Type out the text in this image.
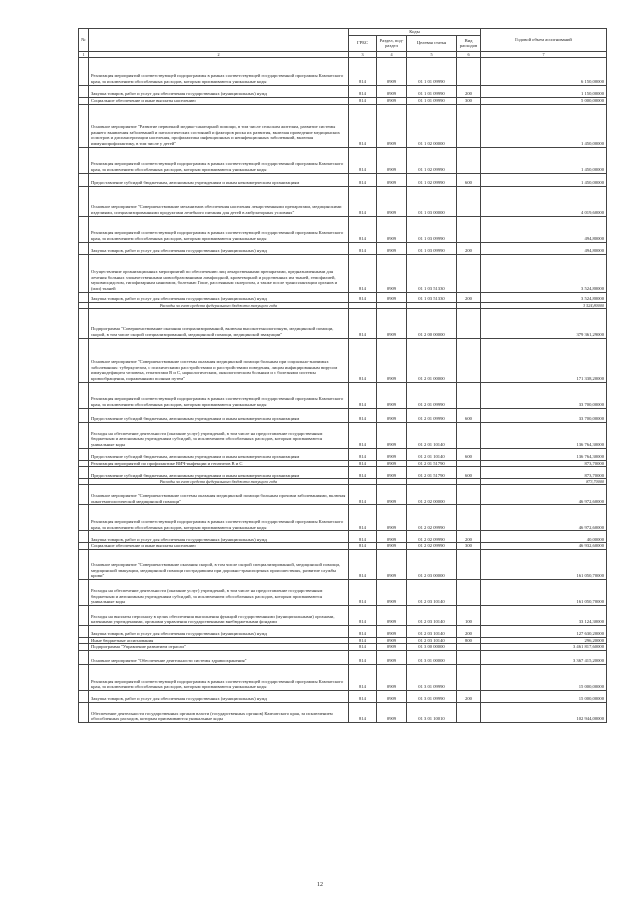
№		Коды				Годовой объем ассигнований
		ГРБС	Раздел, под-раздел	Целевая статья	Вид расходов	
1	2	3	4	5	6	7
	Реализация мероприятий соответствующей подпрограммы в рамках соответствующей государственной программы Камчатского края, за исключением обособленных расходов, которым присваиваются уникальные коды	814	0909	01 1 01 09990		6 150,00000
	Закупка товаров, работ и услуг для обеспечения государственных (муниципальных) нужд	814	0909	01 1 01 09990	200	1 150,00000
	Социальное обеспечение и иные выплаты населению	814	0909	01 1 01 09990	300	5 000,00000
	Основное мероприятие "Развитие первичной медико-санитарной помощи, в том числе сельским жителям, развитие системы раннего выявления заболеваний и патологических состояний и факторов риска их развития, включая проведение медицинских осмотров и диспансеризации населения, профилактика инфекционных и неинфекционных заболеваний, включая иммунопрофилактику, в том числе у детей"	814	0909	01 1 02 00000		1 450,00000
	Реализация мероприятий соответствующей подпрограммы в рамках соответствующей государственной программы Камчатского края, за исключением обособленных расходов, которым присваиваются уникальные коды	814	0909	01 1 02 09990		1 450,00000
	Предоставление субсидий бюджетным, автономным учреждениям и иным некоммерческим организациям	814	0909	01 1 02 09990	600	1 450,00000
	Основное мероприятие "Совершенствование механизмов обеспечения населения лекарственными препаратами, медицинскими изделиями, специализированными продуктами лечебного питания для детей в амбулаторных условиях"	814	0909	01 1 03 00000		4 019,60000
	Реализация мероприятий соответствующей подпрограммы в рамках соответствующей государственной программы Камчатского края, за исключением обособленных расходов, которым присваиваются уникальные коды	814	0909	01 1 03 09990		494,80000
	Закупка товаров, работ и услуг для обеспечения государственных (муниципальных) нужд	814	0909	01 1 03 09990	200	494,80000
	Осуществление организационных мероприятий по обеспечению лиц лекарственными препаратами, предназначенными для лечения больных злокачественными новообразованиями лимфоидной, кроветворной и родственных им тканей, гемофилией, муковисцидозом, гипофизарным нанизмом, болезнью Гоше, рассеянным склерозом, а также после трансплантации органов и (или) тканей	814	0909	01 1 03 51330		3 524,80000
	Закупка товаров, работ и услуг для обеспечения государственных (муниципальных) нужд	814	0909	01 1 03 51330	200	3 524,80000
	Расходы за счет средств федерального бюджета текущего года					3 524,80000
	Подпрограмма "Совершенствование оказания специализированной, включая высокотехнологичную, медицинской помощи, скорой, в том числе скорой специализированной, медицинской помощи, медицинской эвакуации"	814	0909	01 2 00 00000		379 361,29000
	Основное мероприятие "Совершенствование системы оказания медицинской помощи больным при социально-значимых заболеваниях: туберкулезом, с психическими расстройствами и расстройствами поведения, лицам инфицированным вирусом иммунодефицита человека, гепатитами В и С, наркологическим, онкологическим больным и с болезнями системы кровообращения, пораженными полным путем"	814	0909	01 2 01 00000		171 338,20000
	Реализация мероприятий соответствующей подпрограммы в рамках соответствующей государственной программы Камчатского края, за исключением обособленных расходов, которым присваиваются уникальные коды	814	0909	01 2 01 09990		33 700,00000
	Предоставление субсидий бюджетным, автономным учреждениям и иным некоммерческим организациям	814	0909	01 2 01 09990	600	33 700,00000
	Расходы на обеспечение деятельности (оказание услуг) учреждений, в том числе на предоставление государственным бюджетным и автономным учреждениям субсидий, за исключением обособленных расходов, которым присваиваются уникальные коды	814	0909	01 2 01 10140		136 764,30000
	Предоставление субсидий бюджетным, автономным учреждениям и иным некоммерческим организациям	814	0909	01 2 01 10140	600	136 764,30000
	Реализация мероприятий по профилактике ВИЧ-инфекции и гепатитов В и С	814	0909	01 2 01 51790		873,70000
	Предоставление субсидий бюджетным, автономным учреждениям и иным некоммерческим организациям	814	0909	01 2 01 51790	600	873,70000
	Расходы за счет средств федерального бюджета текущего года					873,70000
	Основное мероприятие "Совершенствование системы оказания медицинской помощи больным прочими заболеваниями, включая онкогематологической медицинской помощи"	814	0909	01 2 02 00000		46 972,60000
	Реализация мероприятий соответствующей подпрограммы в рамках соответствующей государственной программы Камчатского края, за исключением обособленных расходов, которым присваиваются уникальные коды	814	0909	01 2 02 09990		46 972,60000
	Закупка товаров, работ и услуг для обеспечения государственных (муниципальных) нужд	814	0909	01 2 02 09990	200	40,00000
	Социальное обеспечение и иные выплаты населению	814	0909	01 2 02 09990	300	46 932,60000
	Основное мероприятие "Совершенствование оказания скорой, в том числе скорой специализированной, медицинской помощи, медицинской эвакуации, медицинской помощи пострадавшим при дорожно-транспортных происшествиях, развитие службы крови"	814	0909	01 2 03 00000		161 050,70000
	Расходы на обеспечение деятельности (оказание услуг) учреждений, в том числе на предоставление государственным бюджетным и автономным учреждениям субсидий, за исключением обособленных расходов, которым присваиваются уникальные коды	814	0909	01 2 03 10140		161 050,70000
	Расходы на выплаты персоналу в целях обеспечения выполнения функций государственными (муниципальными) органами, казенными учреждениями, органами управления государственными внебюджетными фондами	814	0909	01 2 03 10140	100	33 124,30000
	Закупка товаров, работ и услуг для обеспечения государственных (муниципальных) нужд	814	0909	01 2 03 10140	200	127 630,20000
	Иные бюджетные ассигнования	814	0909	01 2 03 10140	800	296,20000
	Подпрограмма "Управление развитием отрасли"	814	0909	01 3 00 00000		3 461 817,60000
	Основное мероприятие "Обеспечение деятельности системы здравоохранения"	814	0909	01 3 01 00000		3 367 415,20000
	Реализация мероприятий соответствующей подпрограммы в рамках соответствующей государственной программы Камчатского края, за исключением обособленных расходов, которым присваиваются уникальные коды	814	0909	01 3 01 09990		15 000,00000
	Закупка товаров, работ и услуг для обеспечения государственных (муниципальных) нужд	814	0909	01 3 01 09990	200	15 000,00000
	Обеспечение деятельности государственных органов власти (государственных органов) Камчатского края, за исключением обособленных расходов, которым присваиваются уникальные коды	814	0909	01 3 01 10010		102 944,00000
12
